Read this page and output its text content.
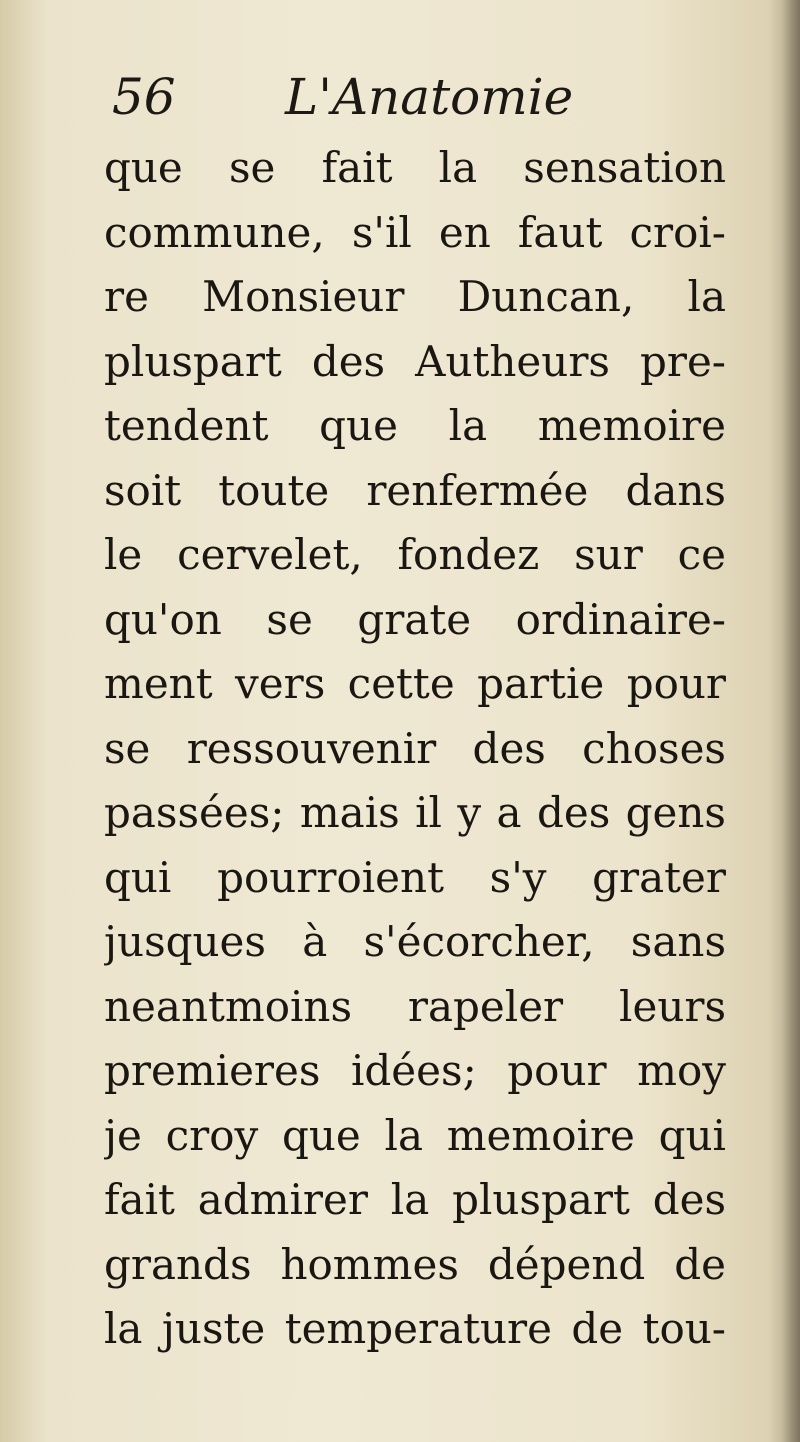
56 L'Anatomie
que se fait la sensation
commune, s'il en faut croi-
re Monsieur Duncan, la
pluspart des Autheurs pre-
tendent que la memoire
soit toute renfermée dans
le cervelet, fondez sur ce
qu'on se grate ordinaire-
ment vers cette partie pour
se ressouvenir des choses
passées; mais il y a des gens
qui pourroient s'y grater
jusques à s'écorcher, sans
neantmoins rapeler leurs
premieres idées; pour moy
je croy que la memoire qui
fait admirer la pluspart des
grands hommes dépend de
la juste temperature de tou-
